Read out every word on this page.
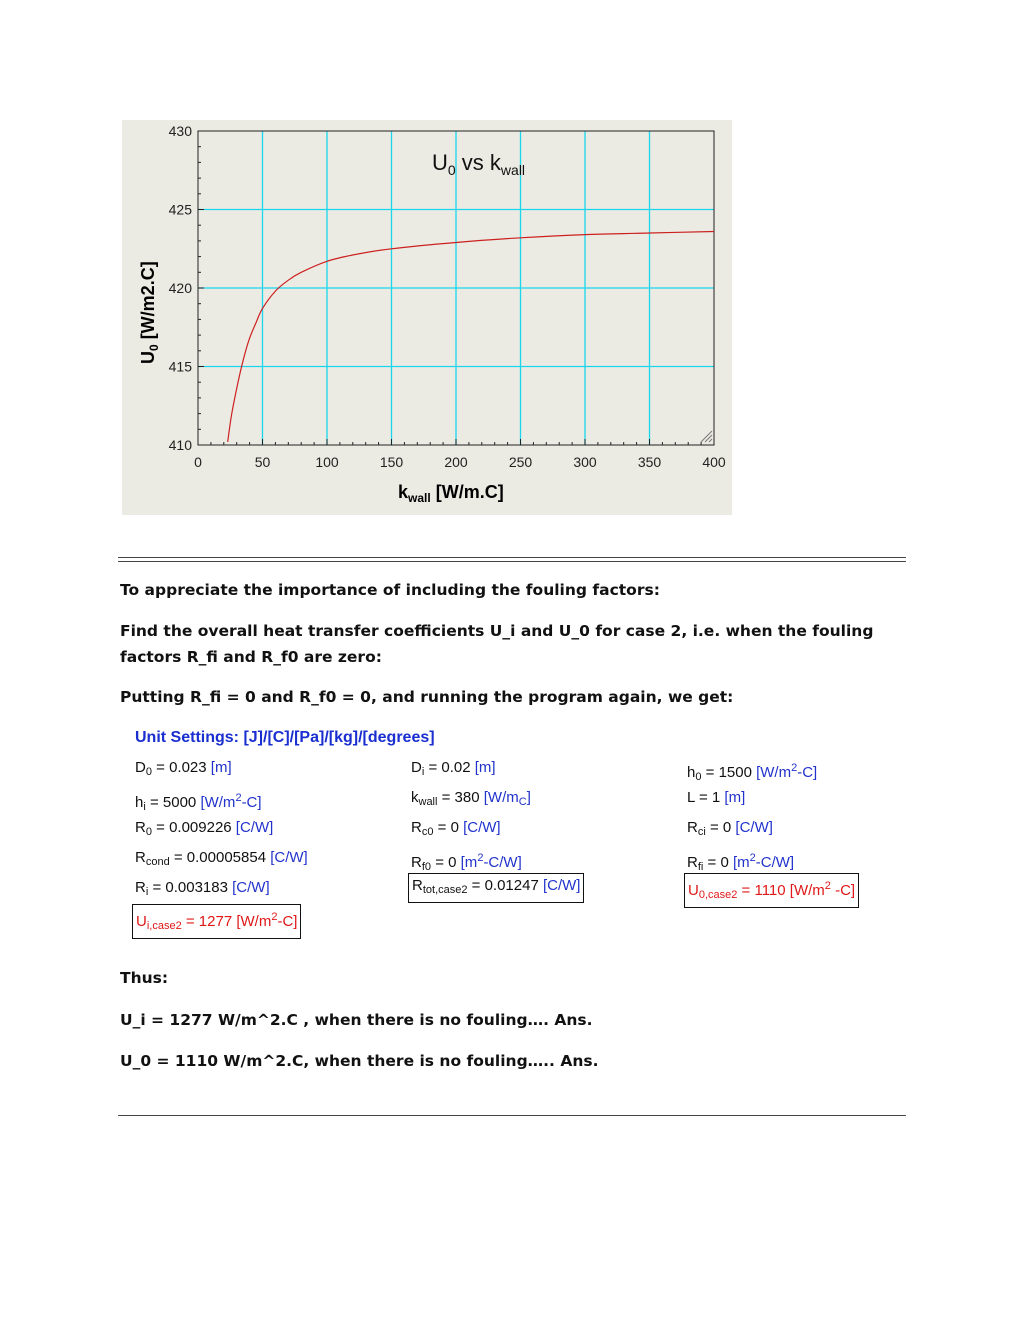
0	50	100	150	200	250	300	350	400
410
415
420
425
430
$U_0$ vs $k_{wall}$
$k_{wall}$ [W/m.C]
$U_0$ [W/m2.C]
To appreciate the importance of including the fouling factors:
Find the overall heat transfer coefficients U_i and U_0 for case 2, i.e. when the fouling factors R_fi and R_f0 are zero:
Putting R_fi = 0 and R_f0 = 0, and running the program again, we get:
Unit Settings: [J]/[C]/[Pa]/[kg]/[degrees]
$D_0 = 0.023$ [m]	$D_i = 0.02$ [m]	$h_0 = 1500$ $[W/m^2-C]$
$h_i = 5000$ $[W/m^2-C]$	$k_{wall} = 380$ $[W/m_C]$	L = 1 [m]
$R_0 = 0.009226$ [C/W]	$R_{c0} = 0$ [C/W]	$R_{ci} = 0$ [C/W]
$R_{cond} = 0.00005854$ [C/W]	$R_{f0} = 0$ $[m^2-C/W]$	$R_{fi} = 0$ $[m^2-C/W]$
$R_i = 0.003183$ [C/W]	$R_{tot,case2} = 0.01247$ [C/W]	$U_{0,case2} = 1110$ [$W/m^2$ -C]
$U_{i,case2} = 1277$ $[W/m^2-C]$
Thus:
U_i = 1277 W/m^2.C , when there is no fouling…. Ans.
U_0 = 1110 W/m^2.C, when there is no fouling….. Ans.
